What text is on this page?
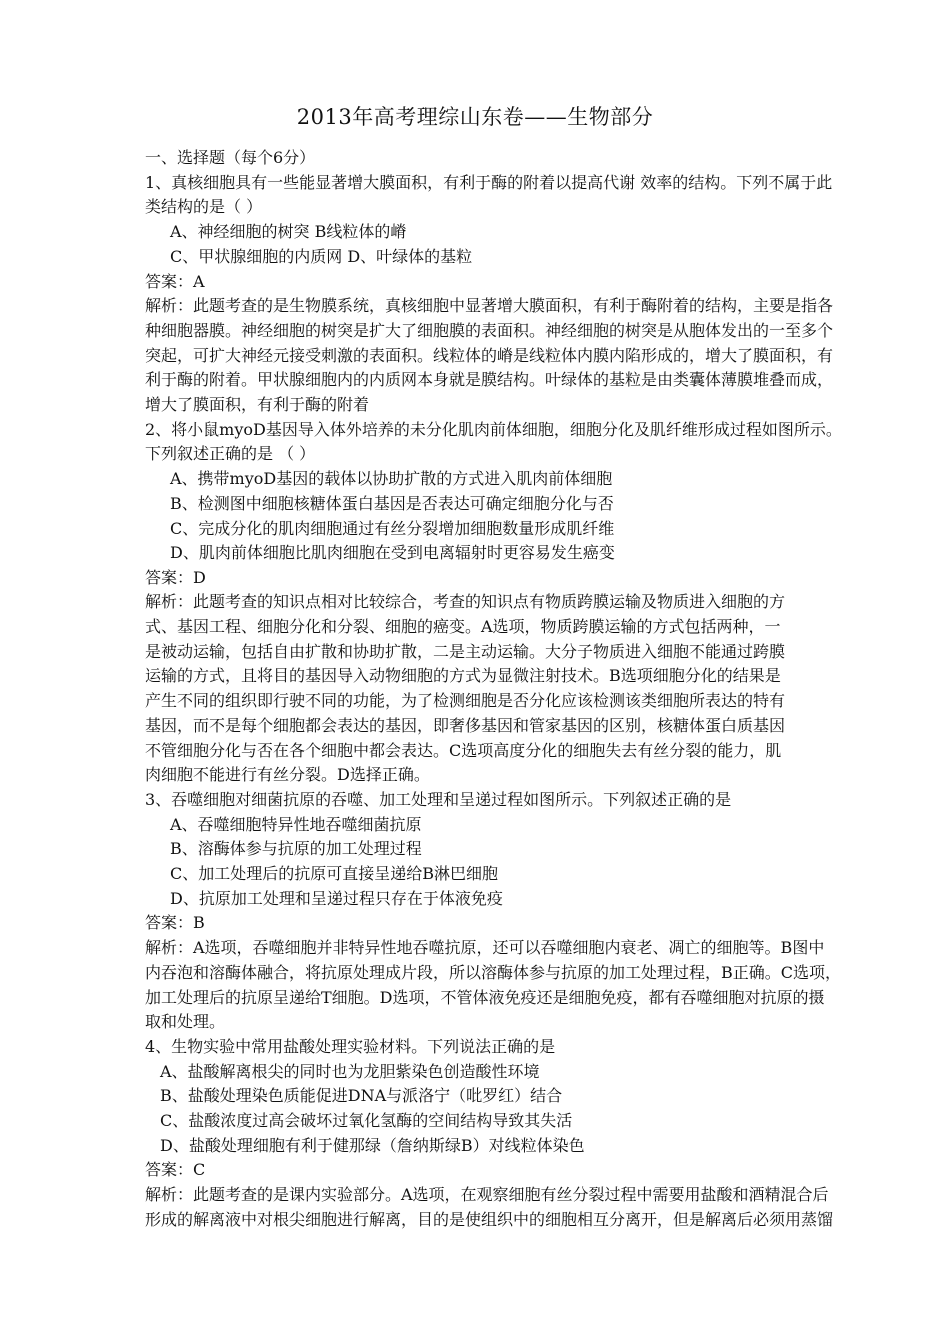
2013年高考理综山东卷——生物部分
一、选择题（每个6分）
1、真核细胞具有一些能显著增大膜面积，有利于酶的附着以提高代谢 效率的结构。下列不属于此
类结构的是（ ）
A、神经细胞的树突 B线粒体的嵴
C、甲状腺细胞的内质网 D、叶绿体的基粒
答案：A
解析：此题考查的是生物膜系统，真核细胞中显著增大膜面积，有利于酶附着的结构，主要是指各
种细胞器膜。神经细胞的树突是扩大了细胞膜的表面积。神经细胞的树突是从胞体发出的一至多个
突起，可扩大神经元接受刺激的表面积。线粒体的嵴是线粒体内膜内陷形成的，增大了膜面积，有
利于酶的附着。甲状腺细胞内的内质网本身就是膜结构。叶绿体的基粒是由类囊体薄膜堆叠而成，
增大了膜面积，有利于酶的附着
2、将小鼠myoD基因导入体外培养的未分化肌肉前体细胞，细胞分化及肌纤维形成过程如图所示。
下列叙述正确的是 （ ）
A、携带myoD基因的载体以协助扩散的方式进入肌肉前体细胞
B、检测图中细胞核糖体蛋白基因是否表达可确定细胞分化与否
C、完成分化的肌肉细胞通过有丝分裂增加细胞数量形成肌纤维
D、肌肉前体细胞比肌肉细胞在受到电离辐射时更容易发生癌变
答案：D
解析：此题考查的知识点相对比较综合，考查的知识点有物质跨膜运输及物质进入细胞的方
式、基因工程、细胞分化和分裂、细胞的癌变。A选项，物质跨膜运输的方式包括两种，一
是被动运输，包括自由扩散和协助扩散，二是主动运输。大分子物质进入细胞不能通过跨膜
运输的方式，且将目的基因导入动物细胞的方式为显微注射技术。B选项细胞分化的结果是
产生不同的组织即行驶不同的功能，为了检测细胞是否分化应该检测该类细胞所表达的特有
基因，而不是每个细胞都会表达的基因，即奢侈基因和管家基因的区别，核糖体蛋白质基因
不管细胞分化与否在各个细胞中都会表达。C选项高度分化的细胞失去有丝分裂的能力，肌
肉细胞不能进行有丝分裂。D选择正确。
3、吞噬细胞对细菌抗原的吞噬、加工处理和呈递过程如图所示。下列叙述正确的是
A、吞噬细胞特异性地吞噬细菌抗原
B、溶酶体参与抗原的加工处理过程
C、加工处理后的抗原可直接呈递给B淋巴细胞
D、抗原加工处理和呈递过程只存在于体液免疫
答案：B
解析：A选项，吞噬细胞并非特异性地吞噬抗原，还可以吞噬细胞内衰老、凋亡的细胞等。B图中
内吞泡和溶酶体融合，将抗原处理成片段，所以溶酶体参与抗原的加工处理过程，B正确。C选项，
加工处理后的抗原呈递给T细胞。D选项，不管体液免疫还是细胞免疫，都有吞噬细胞对抗原的摄
取和处理。
4、生物实验中常用盐酸处理实验材料。下列说法正确的是
A、盐酸解离根尖的同时也为龙胆紫染色创造酸性环境
B、盐酸处理染色质能促进DNA与派洛宁（吡罗红）结合
C、盐酸浓度过高会破坏过氧化氢酶的空间结构导致其失活
D、盐酸处理细胞有利于健那绿（詹纳斯绿B）对线粒体染色
答案：C
解析：此题考查的是课内实验部分。A选项，在观察细胞有丝分裂过程中需要用盐酸和酒精混合后
形成的解离液中对根尖细胞进行解离，目的是使组织中的细胞相互分离开，但是解离后必须用蒸馏
